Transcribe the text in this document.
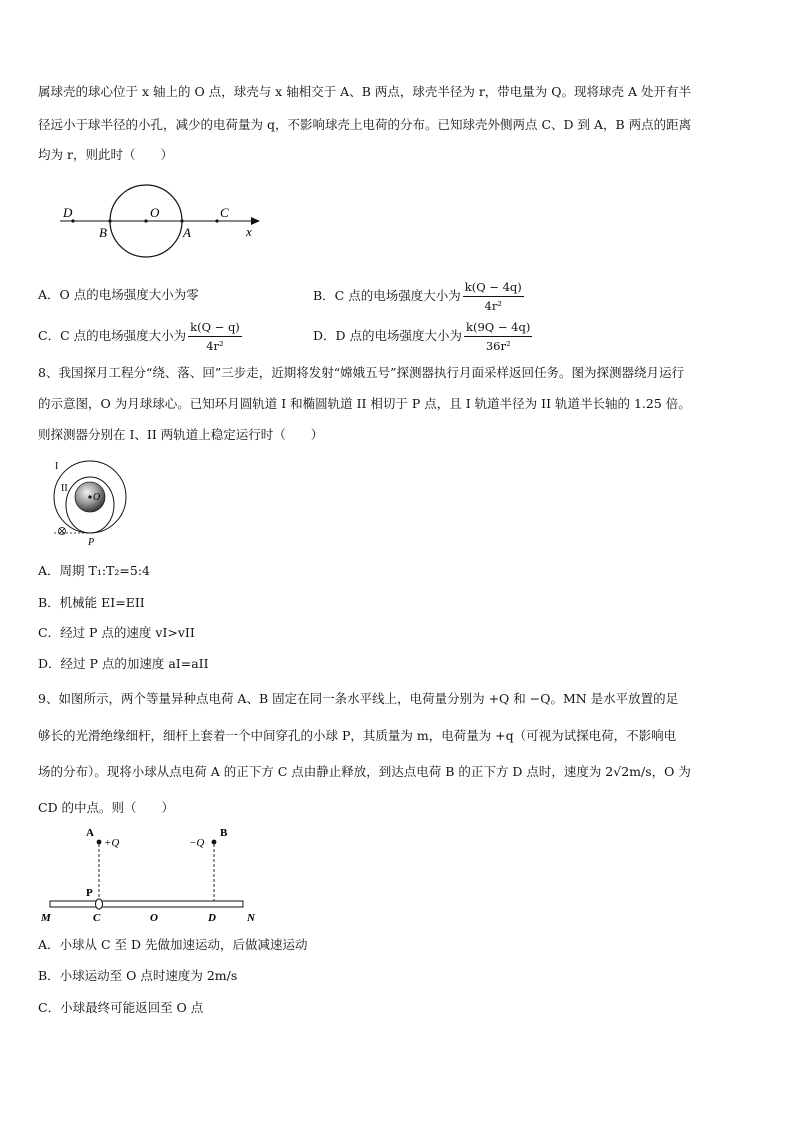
属球壳的球心位于 x 轴上的 O 点，球壳与 x 轴相交于 A、B 两点，球壳半径为 r，带电量为 Q。现将球壳 A 处开有半
径远小于球半径的小孔，减少的电荷量为 q，不影响球壳上电荷的分布。已知球壳外侧两点 C、D 到 A，B 两点的距离
均为 r，则此时（　　）
D
B
O
A
C
x
A．O 点的电场强度大小为零	B．C 点的电场强度大小为 $\frac{k(Q - 4q)}{\text{4r²}}$
C．C 点的电场强度大小为 $\frac{k(Q - q)}{\text{4r²}}$	D．D 点的电场强度大小为 $\frac{k(9Q - 4q)}{\text{36r²}}$
8、我国探月工程分“绕、落、回”三步走，近期将发射“嫦娥五号”探测器执行月面采样返回任务。图为探测器绕月运行
的示意图，O 为月球球心。已知环月圆轨道 I 和椭圆轨道 II 相切于 P 点，且 I 轨道半径为 II 轨道半长轴的 1.25 倍。
则探测器分别在 I、II 两轨道上稳定运行时（　　）
I
II
O
P
A．周期 T₁:T₂=5:4
B．机械能 EI=EII
C．经过 P 点的速度 vI>vII
D．经过 P 点的加速度 aI=aII
9、如图所示，两个等量异种点电荷 A、B 固定在同一条水平线上，电荷量分别为 +Q 和 −Q。MN 是水平放置的足
够长的光滑绝缘细杆，细杆上套着一个中间穿孔的小球 P，其质量为 m，电荷量为 +q（可视为试探电荷，不影响电
场的分布）。现将小球从点电荷 A 的正下方 C 点由静止释放，到达点电荷 B 的正下方 D 点时，速度为 2√2m/s，O 为
CD 的中点。则（　　）
A
+Q	−Q
B
P
M	C	O	D	N
A．小球从 C 至 D 先做加速运动，后做减速运动
B．小球运动至 O 点时速度为 2m/s
C．小球最终可能返回至 O 点
